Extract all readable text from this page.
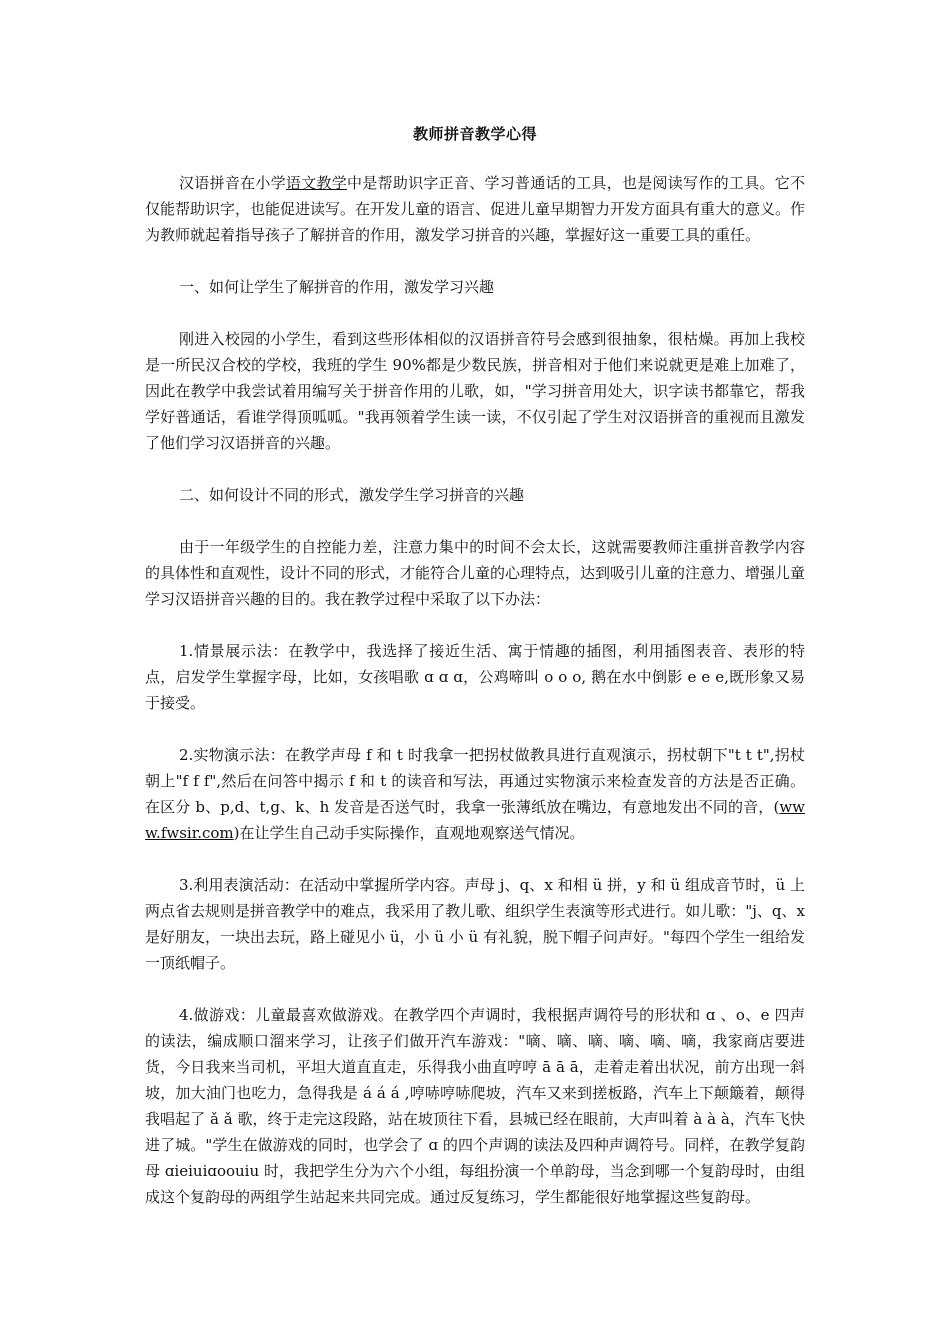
教师拼音教学心得

汉语拼音在小学语文教学中是帮助识字正音、学习普通话的工具，也是阅读写作的工具。它不仅能帮助识字，也能促进读写。在开发儿童的语言、促进儿童早期智力开发方面具有重大的意义。作为教师就起着指导孩子了解拼音的作用，激发学习拼音的兴趣，掌握好这一重要工具的重任。

一、如何让学生了解拼音的作用，激发学习兴趣

刚进入校园的小学生，看到这些形体相似的汉语拼音符号会感到很抽象，很枯燥。再加上我校是一所民汉合校的学校，我班的学生 90%都是少数民族，拼音相对于他们来说就更是难上加难了，因此在教学中我尝试着用编写关于拼音作用的儿歌，如，"学习拼音用处大，识字读书都靠它，帮我学好普通话，看谁学得顶呱呱。"我再领着学生读一读，不仅引起了学生对汉语拼音的重视而且激发了他们学习汉语拼音的兴趣。

二、如何设计不同的形式，激发学生学习拼音的兴趣

由于一年级学生的自控能力差，注意力集中的时间不会太长，这就需要教师注重拼音教学内容的具体性和直观性，设计不同的形式，才能符合儿童的心理特点，达到吸引儿童的注意力、增强儿童学习汉语拼音兴趣的目的。我在教学过程中采取了以下办法：

1.情景展示法：在教学中，我选择了接近生活、寓于情趣的插图，利用插图表音、表形的特点，启发学生掌握字母，比如，女孩唱歌 ɑ ɑ ɑ，公鸡啼叫 o o o, 鹅在水中倒影 e e e,既形象又易于接受。

2.实物演示法：在教学声母 f 和 t 时我拿一把拐杖做教具进行直观演示，拐杖朝下"t t t",拐杖朝上"f f f",然后在问答中揭示 f 和 t 的读音和写法，再通过实物演示来检查发音的方法是否正确。在区分 b、p,d、t,g、k、h 发音是否送气时，我拿一张薄纸放在嘴边，有意地发出不同的音，(www.fwsir.com)在让学生自己动手实际操作，直观地观察送气情况。

3.利用表演活动：在活动中掌握所学内容。声母 j、q、x 和相 ü 拼，y 和 ü 组成音节时，ü 上两点省去规则是拼音教学中的难点，我采用了教儿歌、组织学生表演等形式进行。如儿歌："j、q、x 是好朋友，一块出去玩，路上碰见小 ü，小 ü 小 ü 有礼貌，脱下帽子问声好。"每四个学生一组给发一顶纸帽子。

4.做游戏：儿童最喜欢做游戏。在教学四个声调时，我根据声调符号的形状和 ɑ 、o、e 四声的读法，编成顺口溜来学习，让孩子们做开汽车游戏："嘀、嘀、嘀、嘀、嘀、嘀，我家商店要进货，今日我来当司机，平坦大道直直走，乐得我小曲直哼哼 ā ā ā，走着走着出状况，前方出现一斜坡，加大油门也吃力，急得我是 á á á ,哼哧哼哧爬坡，汽车又来到搓板路，汽车上下颠簸着，颠得我唱起了 ǎ ǎ 歌，终于走完这段路，站在坡顶往下看，县城已经在眼前，大声叫着 à à à，汽车飞快进了城。"学生在做游戏的同时，也学会了 ɑ 的四个声调的读法及四种声调符号。同样，在教学复韵母 ɑieiuiɑoouiu 时，我把学生分为六个小组，每组扮演一个单韵母，当念到哪一个复韵母时，由组成这个复韵母的两组学生站起来共同完成。通过反复练习，学生都能很好地掌握这些复韵母。
